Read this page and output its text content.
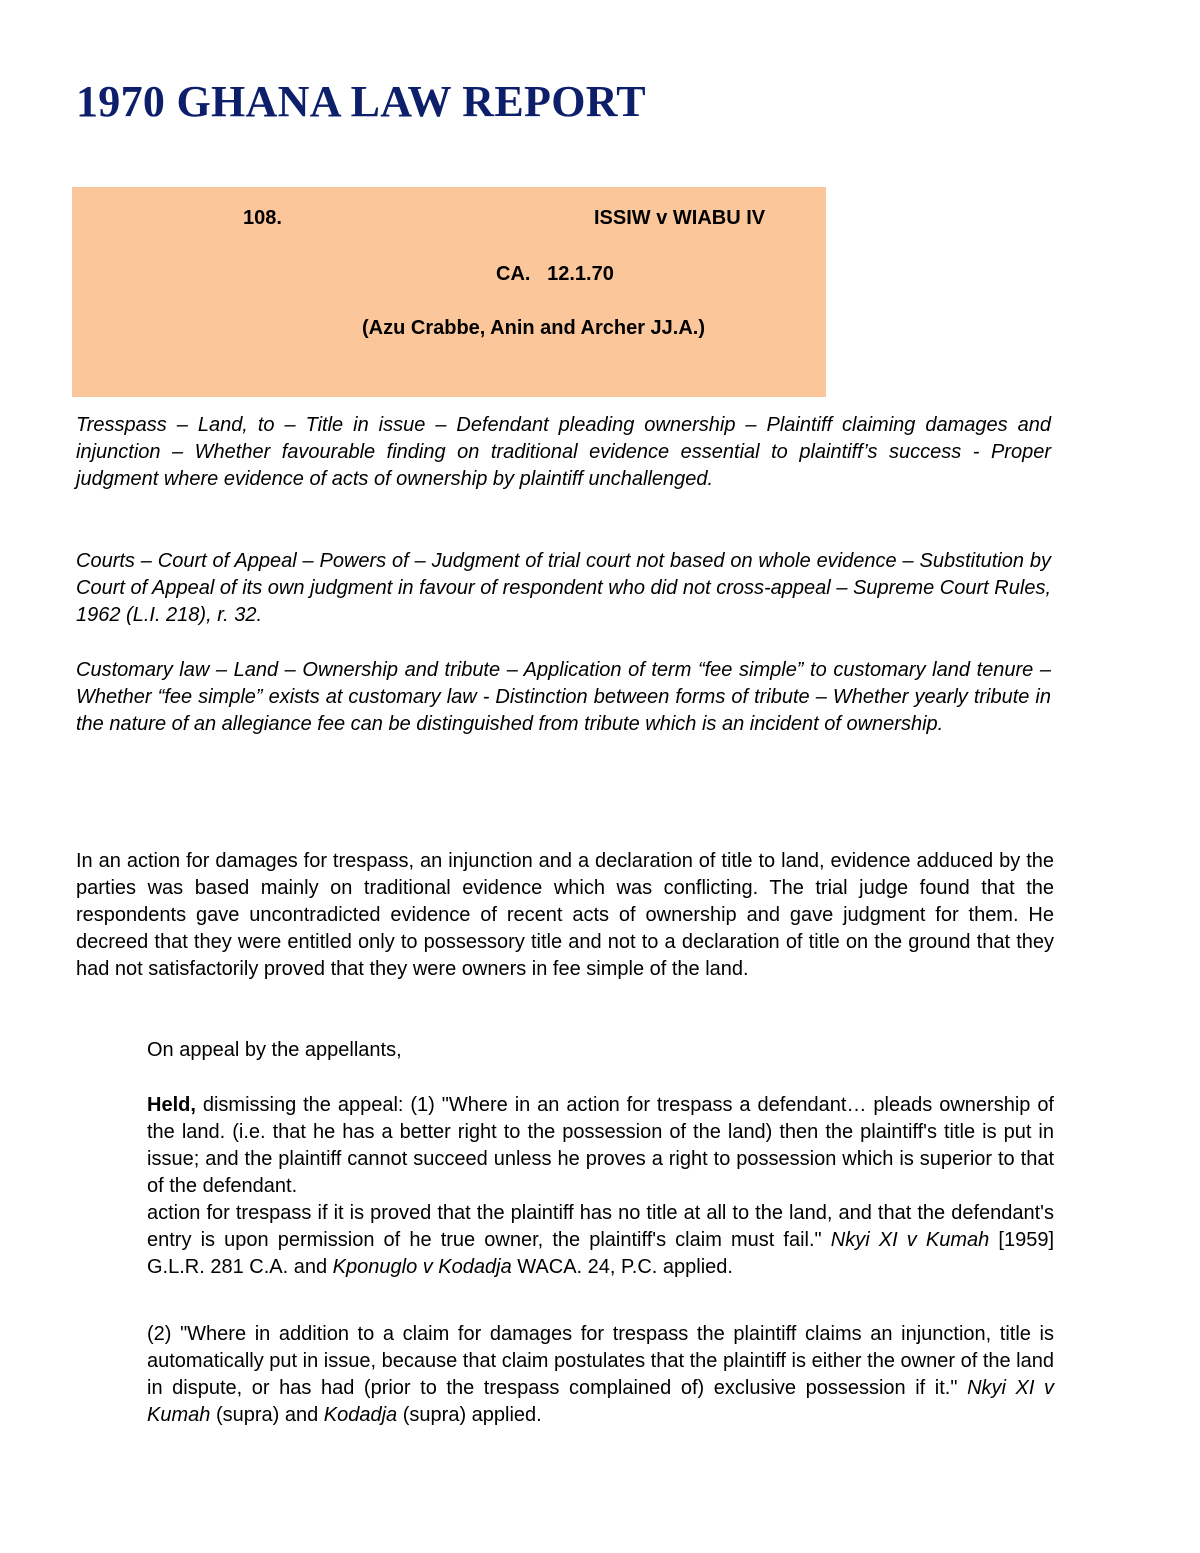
1970 GHANA LAW REPORT
108.	ISSIW v WIABU IV
CA.   12.1.70
(Azu Crabbe, Anin and Archer JJ.A.)

Tresspass – Land, to – Title in issue – Defendant pleading ownership – Plaintiff claiming damages and injunction – Whether favourable finding on traditional evidence essential to plaintiff’s success - Proper judgment where evidence of acts of ownership by plaintiff unchallenged.

Courts – Court of Appeal – Powers of – Judgment of trial court not based on whole evidence – Substitution by Court of Appeal of its own judgment in favour of respondent who did not cross-appeal – Supreme Court Rules, 1962 (L.I. 218), r. 32.

Customary law – Land – Ownership and tribute – Application of term “fee simple” to customary land tenure – Whether “fee simple” exists at customary law - Distinction between forms of tribute – Whether yearly tribute in the nature of an allegiance fee can be distinguished from tribute which is an incident of ownership.

In an action for damages for trespass, an injunction and a declaration of title to land, evidence adduced by the parties was based mainly on traditional evidence which was conflicting. The trial judge found that the respondents gave uncontradicted evidence of recent acts of ownership and gave judgment for them. He decreed that they were entitled only to possessory title and not to a declaration of title on the ground that they had not satisfactorily proved that they were owners in fee simple of the land.

On appeal by the appellants,

Held, dismissing the appeal: (1) "Where in an action for trespass a defendant… pleads ownership of the land. (i.e. that he has a better right to the possession of the land) then the plaintiff's title is put in issue; and the plaintiff cannot succeed unless he proves a right to possession which is superior to that of the defendant.
action for trespass if it is proved that the plaintiff has no title at all to the land, and that the defendant's entry is upon permission of he true owner, the plaintiff's claim must fail." Nkyi XI v Kumah [1959] G.L.R. 281 C.A. and Kponuglo v Kodadja WACA. 24, P.C. applied.

(2) "Where in addition to a claim for damages for trespass the plaintiff claims an injunction, title is automatically put in issue, because that claim postulates that the plaintiff is either the owner of the land in dispute, or has had (prior to the trespass complained of) exclusive possession if it." Nkyi XI v Kumah (supra) and Kodadja (supra) applied.
